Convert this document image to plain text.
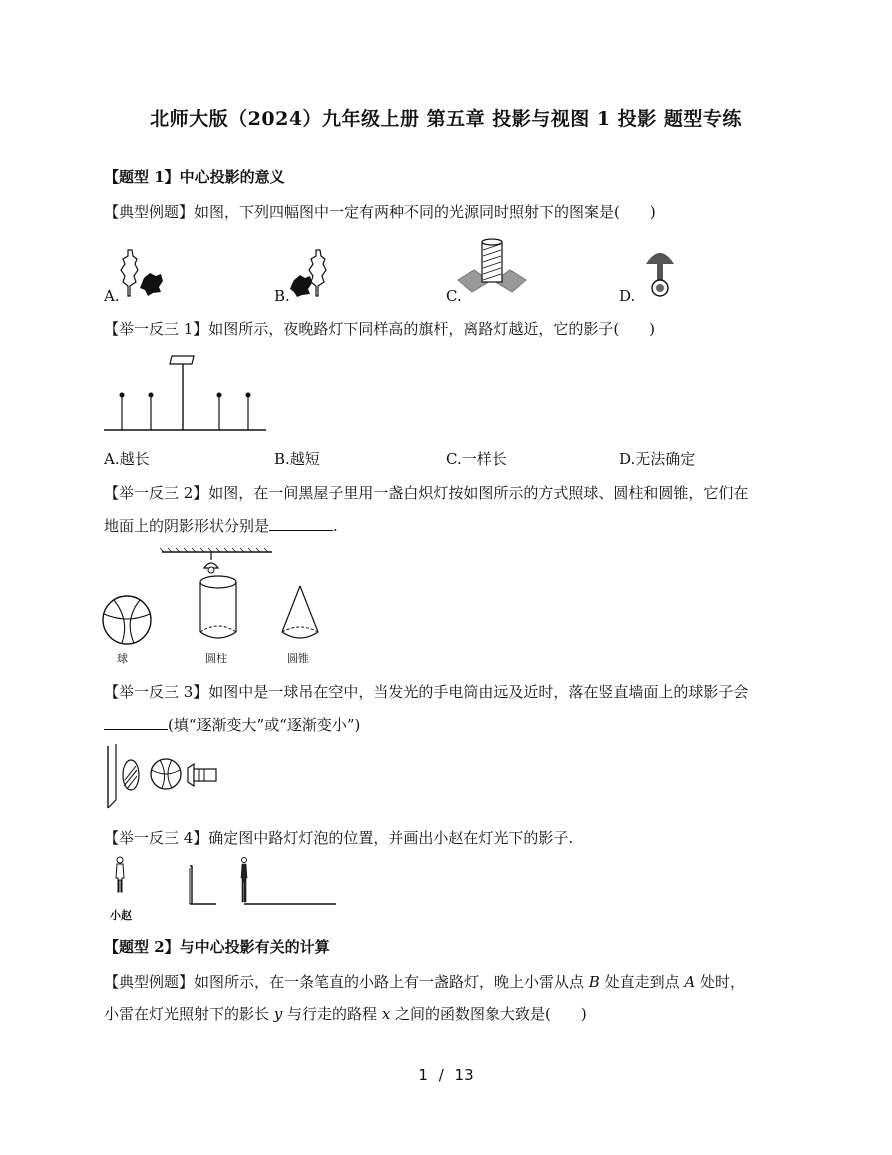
北师大版（2024）九年级上册 第五章 投影与视图 1 投影 题型专练
【题型 1】中心投影的意义
【典型例题】如图，下列四幅图中一定有两种不同的光源同时照射下的图案是(　　)
A.	B.	C.	D.
【举一反三 1】如图所示，夜晚路灯下同样高的旗杆，离路灯越近，它的影子(　　)
A.越长	B.越短	C.一样长	D.无法确定
【举一反三 2】如图，在一间黑屋子里用一盏白炽灯按如图所示的方式照球、圆柱和圆锥，它们在
地面上的阴影形状分别是	.
球	圆柱	圆锥
【举一反三 3】如图中是一球吊在空中，当发光的手电筒由远及近时，落在竖直墙面上的球影子会
(填“逐渐变大”或“逐渐变小”)
【举一反三 4】确定图中路灯灯泡的位置，并画出小赵在灯光下的影子.
小赵
【题型 2】与中心投影有关的计算
【典型例题】如图所示，在一条笔直的小路上有一盏路灯，晚上小雷从点 B 处直走到点 A 处时，
小雷在灯光照射下的影长 y 与行走的路程 x 之间的函数图象大致是(　　)
1 / 13
